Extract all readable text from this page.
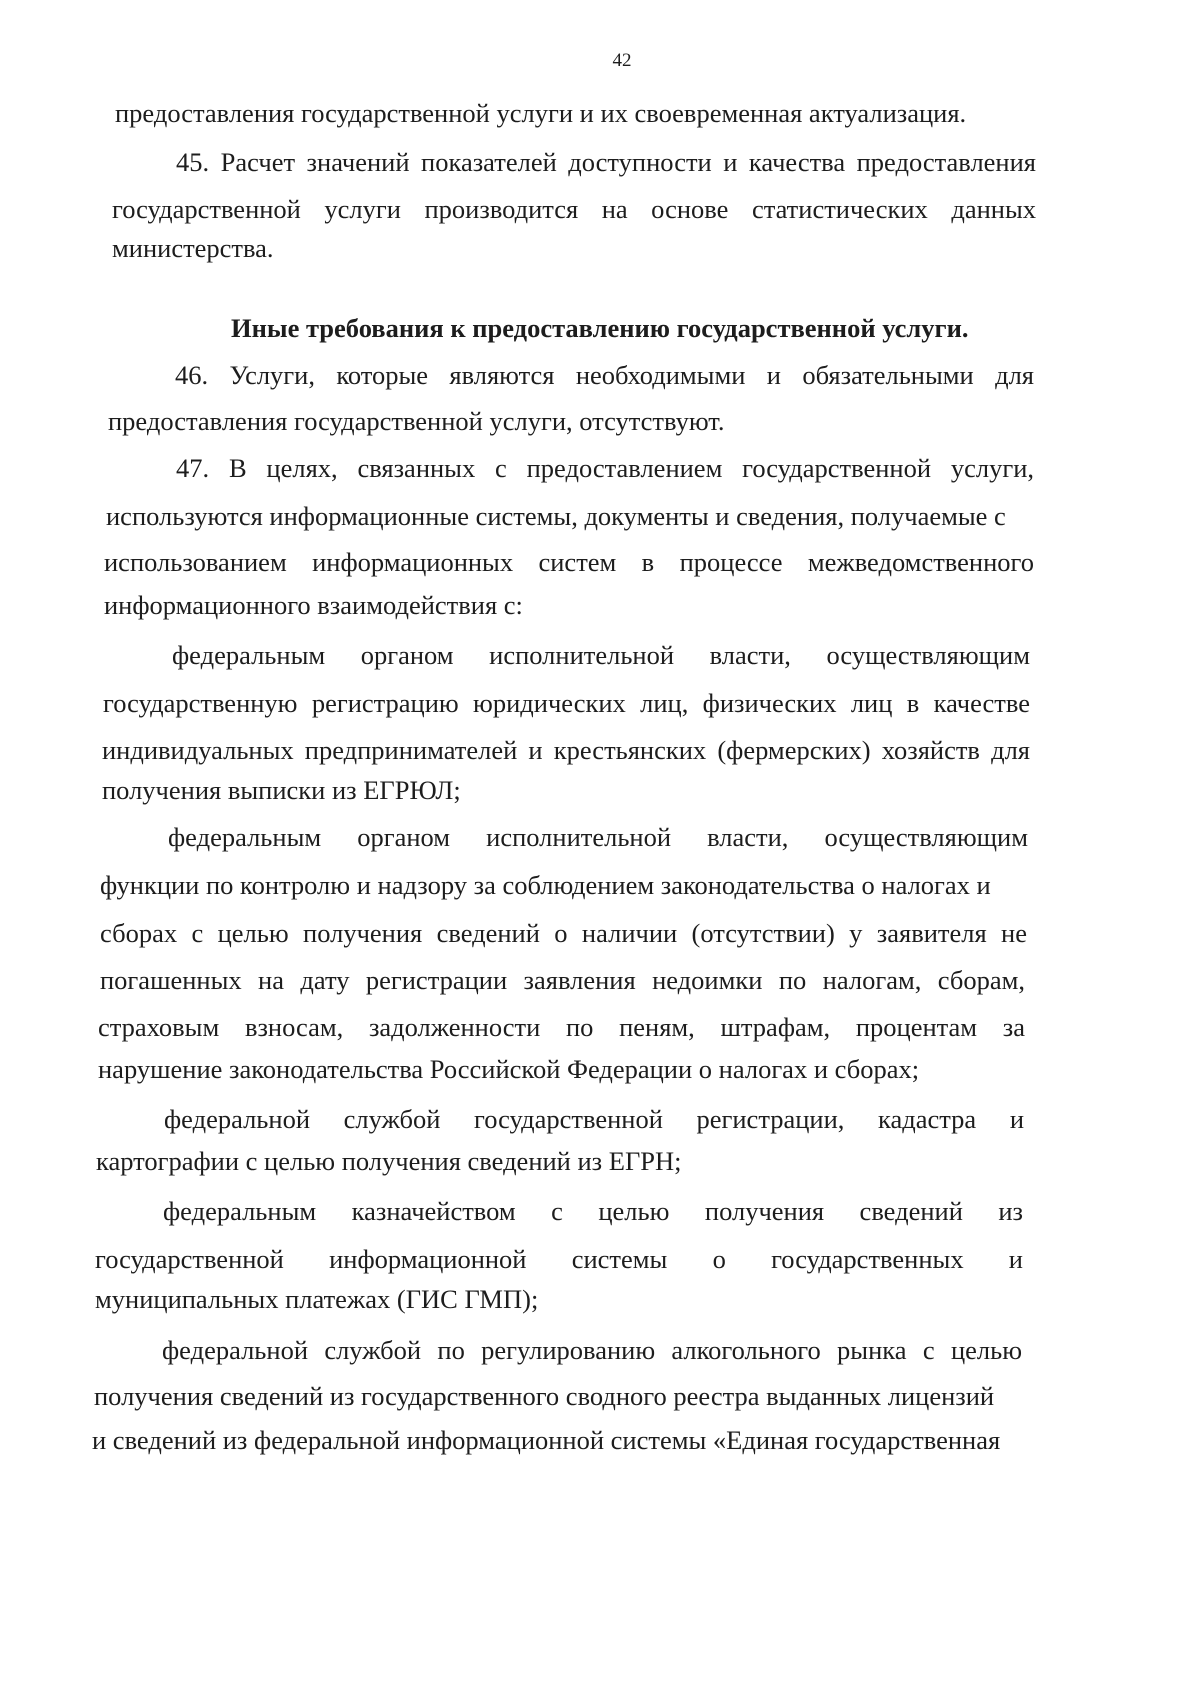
42
предоставления государственной услуги и их своевременная актуализация.
45. Расчет значений показателей доступности и качества предоставления
государственной услуги производится на основе статистических данных
министерства.
Иные требования к предоставлению государственной услуги.
46. Услуги, которые являются необходимыми и обязательными для
предоставления государственной услуги, отсутствуют.
47. В целях, связанных с предоставлением государственной услуги,
используются информационные системы, документы и сведения, получаемые с
использованием информационных систем в процессе межведомственного
информационного взаимодействия с:
федеральным органом исполнительной власти, осуществляющим
государственную регистрацию юридических лиц, физических лиц в качестве
индивидуальных предпринимателей и крестьянских (фермерских) хозяйств для
получения выписки из ЕГРЮЛ;
федеральным органом исполнительной власти, осуществляющим
функции по контролю и надзору за соблюдением законодательства о налогах и
сборах с целью получения сведений о наличии (отсутствии) у заявителя не
погашенных на дату регистрации заявления недоимки по налогам, сборам,
страховым взносам, задолженности по пеням, штрафам, процентам за
нарушение законодательства Российской Федерации о налогах и сборах;
федеральной службой государственной регистрации, кадастра и
картографии с целью получения сведений из ЕГРН;
федеральным казначейством с целью получения сведений из
государственной информационной системы о государственных и
муниципальных платежах (ГИС ГМП);
федеральной службой по регулированию алкогольного рынка с целью
получения сведений из государственного сводного реестра выданных лицензий
и сведений из федеральной информационной системы «Единая государственная
